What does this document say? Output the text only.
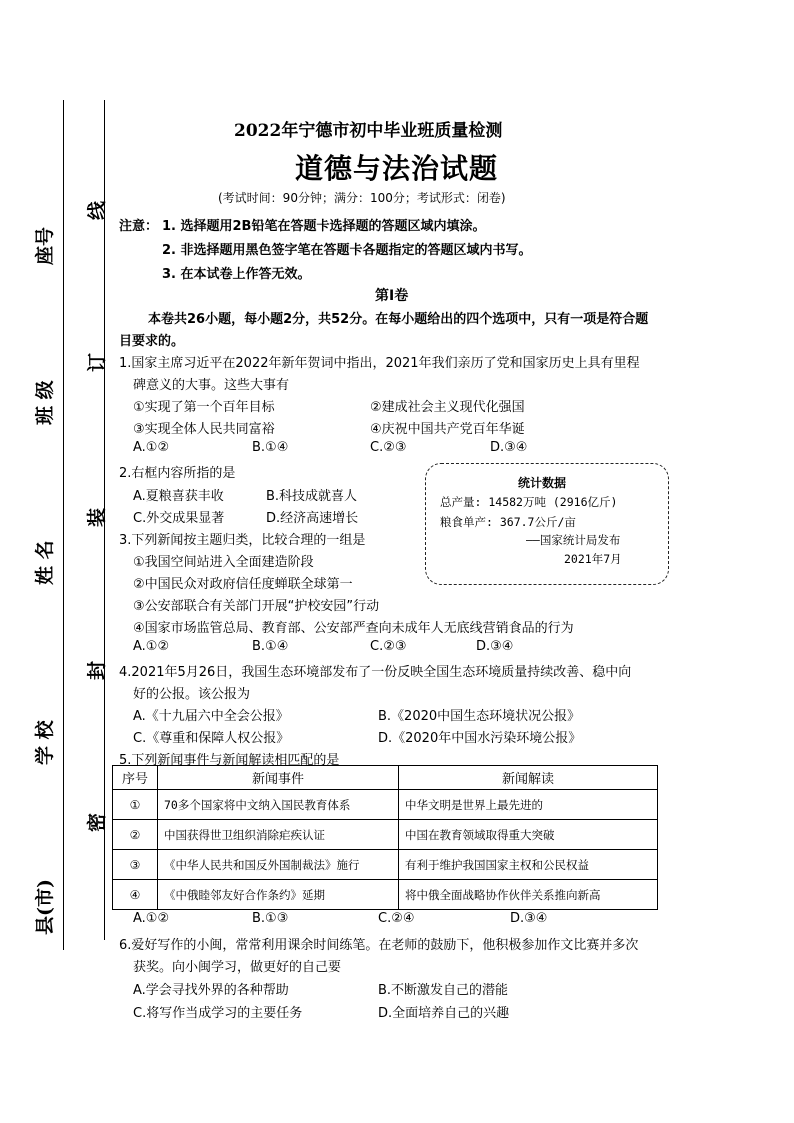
县(市)
学 校
姓 名
班 级
座号
线
订
装
封
密
2022年宁德市初中毕业班质量检测
道德与法治试题
(考试时间：90分钟；满分：100分；考试形式：闭卷)
注意： 1. 选择题用2B铅笔在答题卡选择题的答题区域内填涂。
2. 非选择题用黑色签字笔在答题卡各题指定的答题区域内书写。
3. 在本试卷上作答无效。
第Ⅰ卷
本卷共26小题，每小题2分，共52分。在每小题给出的四个选项中，只有一项是符合题
目要求的。
1.国家主席习近平在2022年新年贺词中指出，2021年我们亲历了党和国家历史上具有里程
碑意义的大事。这些大事有
①实现了第一个百年目标	②建成社会主义现代化强国
③实现全体人民共同富裕	④庆祝中国共产党百年华诞
A.①②	B.①④	C.②③	D.③④
2.右框内容所指的是
A.夏粮喜获丰收	B.科技成就喜人
C.外交成果显著	D.经济高速增长
统计数据
总产量: 14582万吨 (2916亿斤)
粮食单产: 367.7公斤/亩
——国家统计局发布
2021年7月
3.下列新闻按主题归类，比较合理的一组是
①我国空间站进入全面建造阶段
②中国民众对政府信任度蝉联全球第一
③公安部联合有关部门开展“护校安园”行动
④国家市场监管总局、教育部、公安部严查向未成年人无底线营销食品的行为
A.①②	B.①④	C.②③	D.③④
4.2021年5月26日，我国生态环境部发布了一份反映全国生态环境质量持续改善、稳中向
好的公报。该公报为
A.《十九届六中全会公报》	B.《2020中国生态环境状况公报》
C.《尊重和保障人权公报》	D.《2020年中国水污染环境公报》
5.下列新闻事件与新闻解读相匹配的是
序号	新闻事件	新闻解读
①	70多个国家将中文纳入国民教育体系	中华文明是世界上最先进的
②	中国获得世卫组织消除疟疾认证	中国在教育领域取得重大突破
③	《中华人民共和国反外国制裁法》施行	有利于维护我国国家主权和公民权益
④	《中俄睦邻友好合作条约》延期	将中俄全面战略协作伙伴关系推向新高
A.①②	B.①③	C.②④	D.③④
6.爱好写作的小闽，常常利用课余时间练笔。在老师的鼓励下，他积极参加作文比赛并多次
获奖。向小闽学习，做更好的自己要
A.学会寻找外界的各种帮助	B.不断激发自己的潜能
C.将写作当成学习的主要任务	D.全面培养自己的兴趣
